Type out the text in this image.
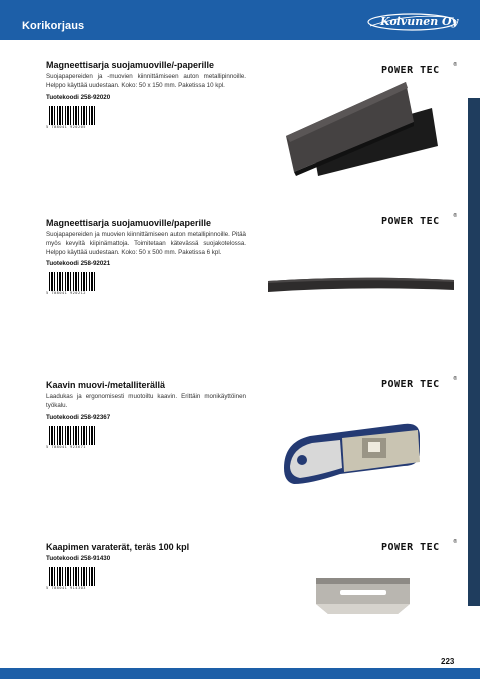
Korikorjaus	Koivunen Oy
Magneettisarja suojamuoville/-paperille

Suojapapereiden ja -muovien kiinnittämiseen auton metallipinnoille. Helppo käyttää uudestaan. Koko: 50 x 150 mm. Paketissa 10 kpl.

Tuotekoodi 258-92020
5 708041 920205
POWER TEC	®
Magneettisarja suojamuoville/paperille

Suojapapereiden ja muovien kiinnittämiseen auton metallipinnoille. Pitää myös kevyitä kiipinämattoja. Toimitetaan kätevässä suojakotelossa. Helppo käyttää uudestaan. Koko: 50 x 500 mm. Paketissa 6 kpl.

Tuotekoodi 258-92021
5 708041 920212
POWER TEC	®
Kaavin muovi-/metalliterällä

Laadukas ja ergonomisesti muotoiltu kaavin. Erittäin monikäyttöinen työkalu.

Tuotekoodi 258-92367
5 708041 923671
POWER TEC	®
Kaapimen varaterät, teräs 100 kpl
Tuotekoodi 258-91430
5 708041 914303
POWER TEC	®
223
